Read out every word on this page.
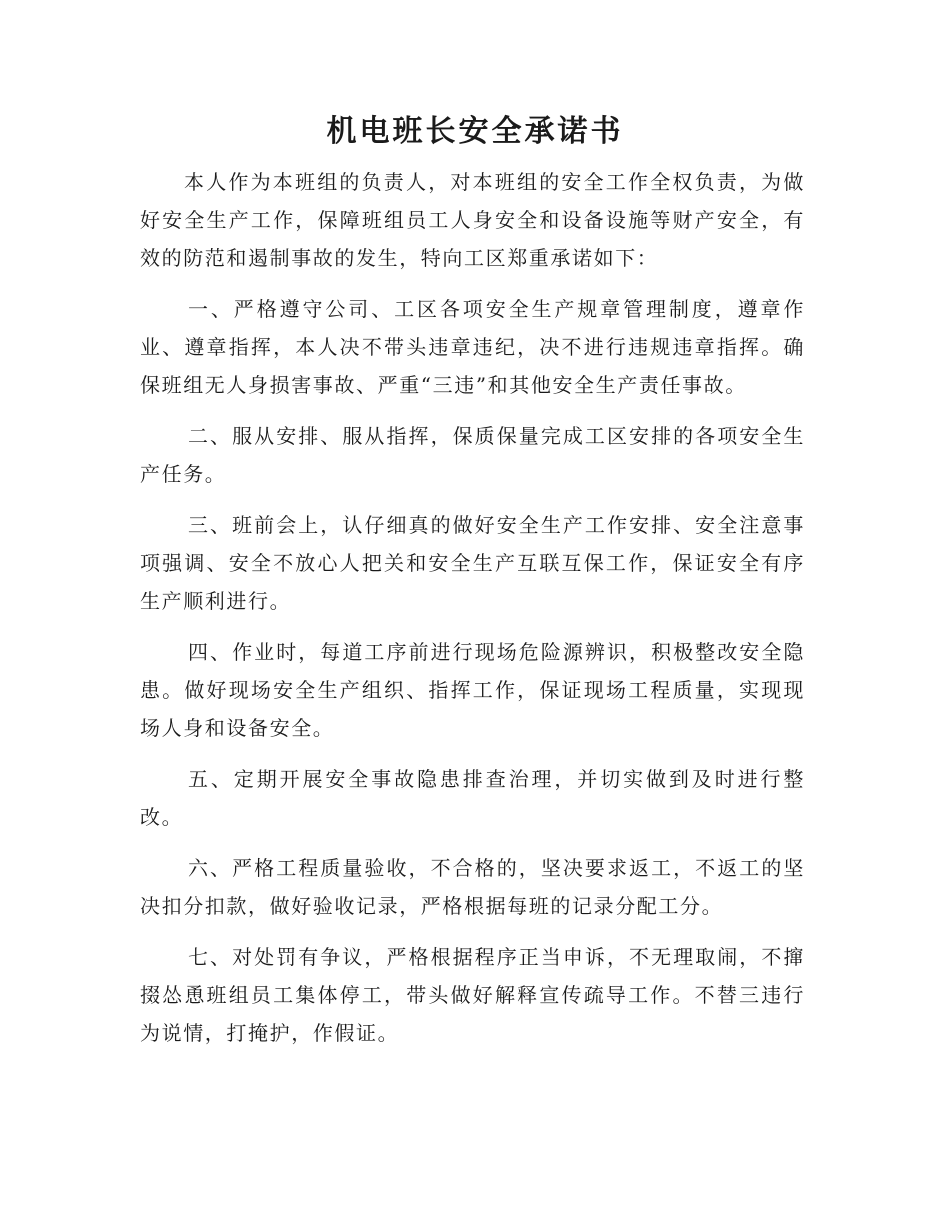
机电班长安全承诺书

本人作为本班组的负责人，对本班组的安全工作全权负责，为做好安全生产工作，保障班组员工人身安全和设备设施等财产安全，有效的防范和遏制事故的发生，特向工区郑重承诺如下：

一、严格遵守公司、工区各项安全生产规章管理制度，遵章作业、遵章指挥，本人决不带头违章违纪，决不进行违规违章指挥。确保班组无人身损害事故、严重“三违”和其他安全生产责任事故。

二、服从安排、服从指挥，保质保量完成工区安排的各项安全生产任务。

三、班前会上，认仔细真的做好安全生产工作安排、安全注意事项强调、安全不放心人把关和安全生产互联互保工作，保证安全有序生产顺利进行。

四、作业时，每道工序前进行现场危险源辨识，积极整改安全隐患。做好现场安全生产组织、指挥工作，保证现场工程质量，实现现场人身和设备安全。

五、定期开展安全事故隐患排查治理，并切实做到及时进行整改。

六、严格工程质量验收，不合格的，坚决要求返工，不返工的坚决扣分扣款，做好验收记录，严格根据每班的记录分配工分。

七、对处罚有争议，严格根据程序正当申诉，不无理取闹，不撺掇怂恿班组员工集体停工，带头做好解释宣传疏导工作。不替三违行为说情，打掩护，作假证。
